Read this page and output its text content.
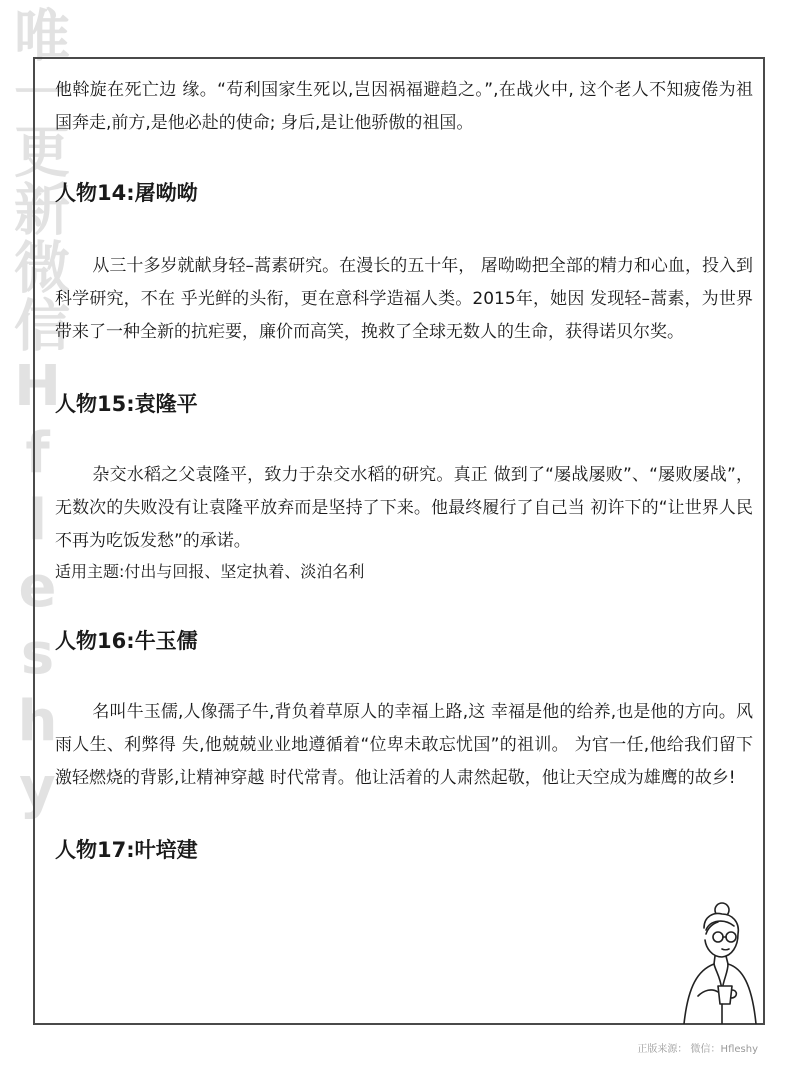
唯一更新微信Hfleshy

他斡旋在死亡边 缘。“苟利国家生死以,岂因祸福避趋之。”,在战火中, 这个老人不知疲倦为祖国奔走,前方,是他必赴的使命; 身后,是让他骄傲的祖国。

人物14:屠呦呦

从三十多岁就献身轻–蒿素研究。在漫长的五十年， 屠呦呦把全部的精力和心血，投入到科学研究，不在 乎光鲜的头衔，更在意科学造福人类。2015年，她因 发现轻–蒿素，为世界带来了一种全新的抗疟要，廉价而高笑，挽救了全球无数人的生命，获得诺贝尔奖。

人物15:袁隆平

杂交水稻之父袁隆平，致力于杂交水稻的研究。真正 做到了“屡战屡败”、“屡败屡战”，无数次的失败没有让袁隆平放弃而是坚持了下来。他最终履行了自己当 初许下的“让世界人民不再为吃饭发愁”的承诺。

适用主题:付出与回报、坚定执着、淡泊名利

人物16:牛玉儒

名叫牛玉儒,人像孺子牛,背负着草原人的幸福上路,这 幸福是他的给养,也是他的方向。风雨人生、利弊得 失,他兢兢业业地遵循着“位卑未敢忘忧国”的祖训。 为官一任,他给我们留下激轻燃烧的背影,让精神穿越 时代常青。他让活着的人肃然起敬，他让天空成为雄鹰的故乡!

人物17:叶培建
正版来源： 微信：Hfleshy
